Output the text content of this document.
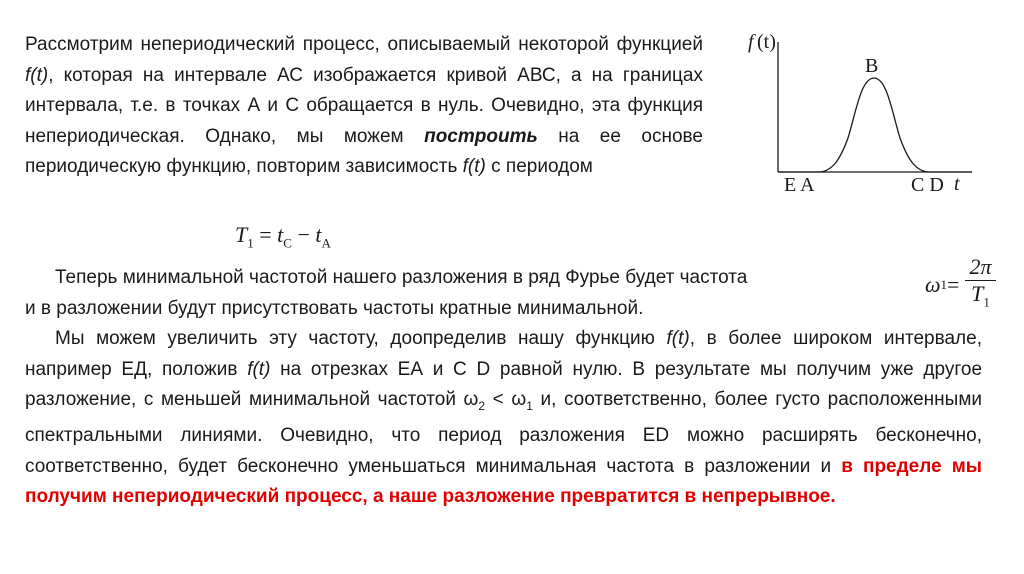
Рассмотрим непериодический процесс, описываемый некоторой функцией f(t), которая на интервале АС изображается кривой АВС, а на границах интервала, т.е. в точках А и С обращается в нуль. Очевидно, эта функция непериодическая. Однако, мы можем построить на ее основе периодическую функцию, повторим зависимость f(t) с периодом

$T_1 = t_C - t_A$
f (t)
B
E A	C D t

Теперь минимальной частотой нашего разложения в ряд Фурье будет частота
и в разложении будут присутствовать частоты кратные минимальной.

ω $1 = \frac{2\pi}{T_1}$

Мы можем увеличить эту частоту, доопределив нашу функцию f(t), в более широком интервале, например ЕД, положив f(t) на отрезках ЕА и С D равной нулю. В результате мы получим уже другое разложение, с меньшей минимальной частотой $\omega_2 < \omega_1$ и, соответственно, более густо расположенными спектральными линиями. Очевидно, что период разложения ЕD можно расширять бесконечно, соответственно, будет бесконечно уменьшаться минимальная частота в разложении и в пределе мы получим непериодический процесс, а наше разложение превратится в непрерывное.
